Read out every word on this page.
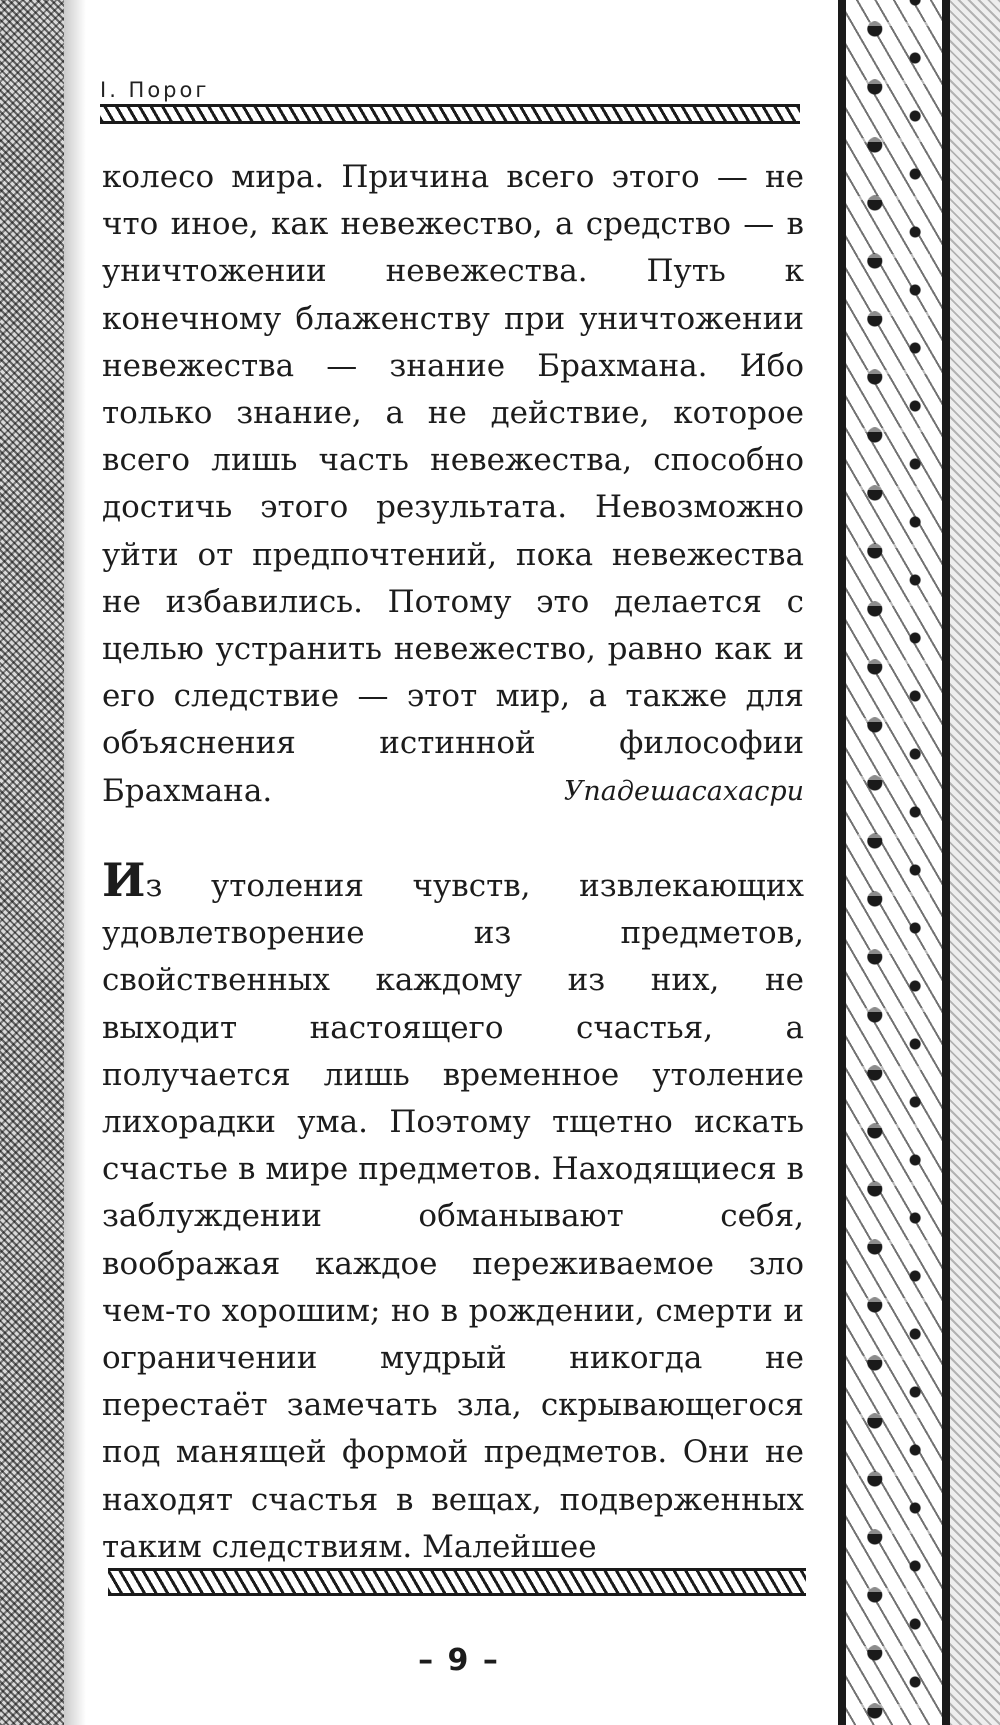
I. Порог
колесо мира. Причина всего этого — не что иное, как невежество, а средство — в уничтожении невежества. Путь к конечному блаженству при уничтожении невежества — знание Брахмана. Ибо только знание, а не действие, которое всего лишь часть невежества, способно достичь этого результата. Невозможно уйти от предпочтений, пока невежества не избавились. Потому это делается с целью устранить невежество, равно как и его следствие — этот мир, а также для объяснения истинной философии Брахмана.	Упадешасахасри
Из утоления чувств, извлекающих удовлетворение из предметов, свойственных каждому из них, не выходит настоящего счастья, а получается лишь временное утоление лихорадки ума. Поэтому тщетно искать счастье в мире предметов. Находящиеся в заблуждении обманывают себя, воображая каждое переживаемое зло чем-то хорошим; но в рождении, смерти и ограничении мудрый никогда не перестаёт замечать зла, скрывающегося под манящей формой предметов. Они не находят счастья в вещах, подверженных таким следствиям. Малейшее
– 9 –
